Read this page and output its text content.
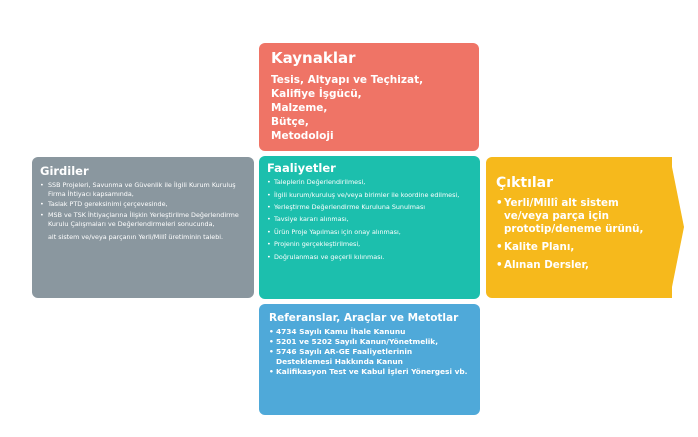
Kaynaklar
Tesis, Altyapı ve Teçhizat,
Kalifiye İşgücü,
Malzeme,
Bütçe,
Metodoloji
Girdiler
• SSB Projeleri, Savunma ve Güvenlik ile İlgili Kurum Kuruluş Firma İhtiyacı kapsamında,
• Taslak PTD gereksinimi çerçevesinde,
• MSB ve TSK İhtiyaçlarına İlişkin Yerleştirilme Değerlendirme Kurulu Çalışmaları ve Değerlendirmeleri sonucunda,
alt sistem ve/veya parçanın Yerli/Millî üretiminin talebi.
Faaliyetler
• Taleplerin Değerlendirilmesi,
• İlgili kurum/kuruluş ve/veya birimler ile koordine edilmesi,
• Yerleştirme Değerlendirme Kuruluna Sunulması
• Tavsiye kararı alınması,
• Ürün Proje Yapılması için onay alınması,
• Projenin gerçekleştirilmesi,
• Doğrulanması ve geçerli kılınması.
Çıktılar
• Yerli/Millî alt sistem ve/veya parça için prototip/deneme ürünü,
• Kalite Planı,
• Alınan Dersler,
Referanslar, Araçlar ve Metotlar
• 4734 Sayılı Kamu İhale Kanunu
• 5201 ve 5202 Sayılı Kanun/Yönetmelik,
• 5746 Sayılı AR-GE Faaliyetlerinin Desteklemesi Hakkında Kanun
• Kalifikasyon Test ve Kabul İşleri Yönergesi vb.
